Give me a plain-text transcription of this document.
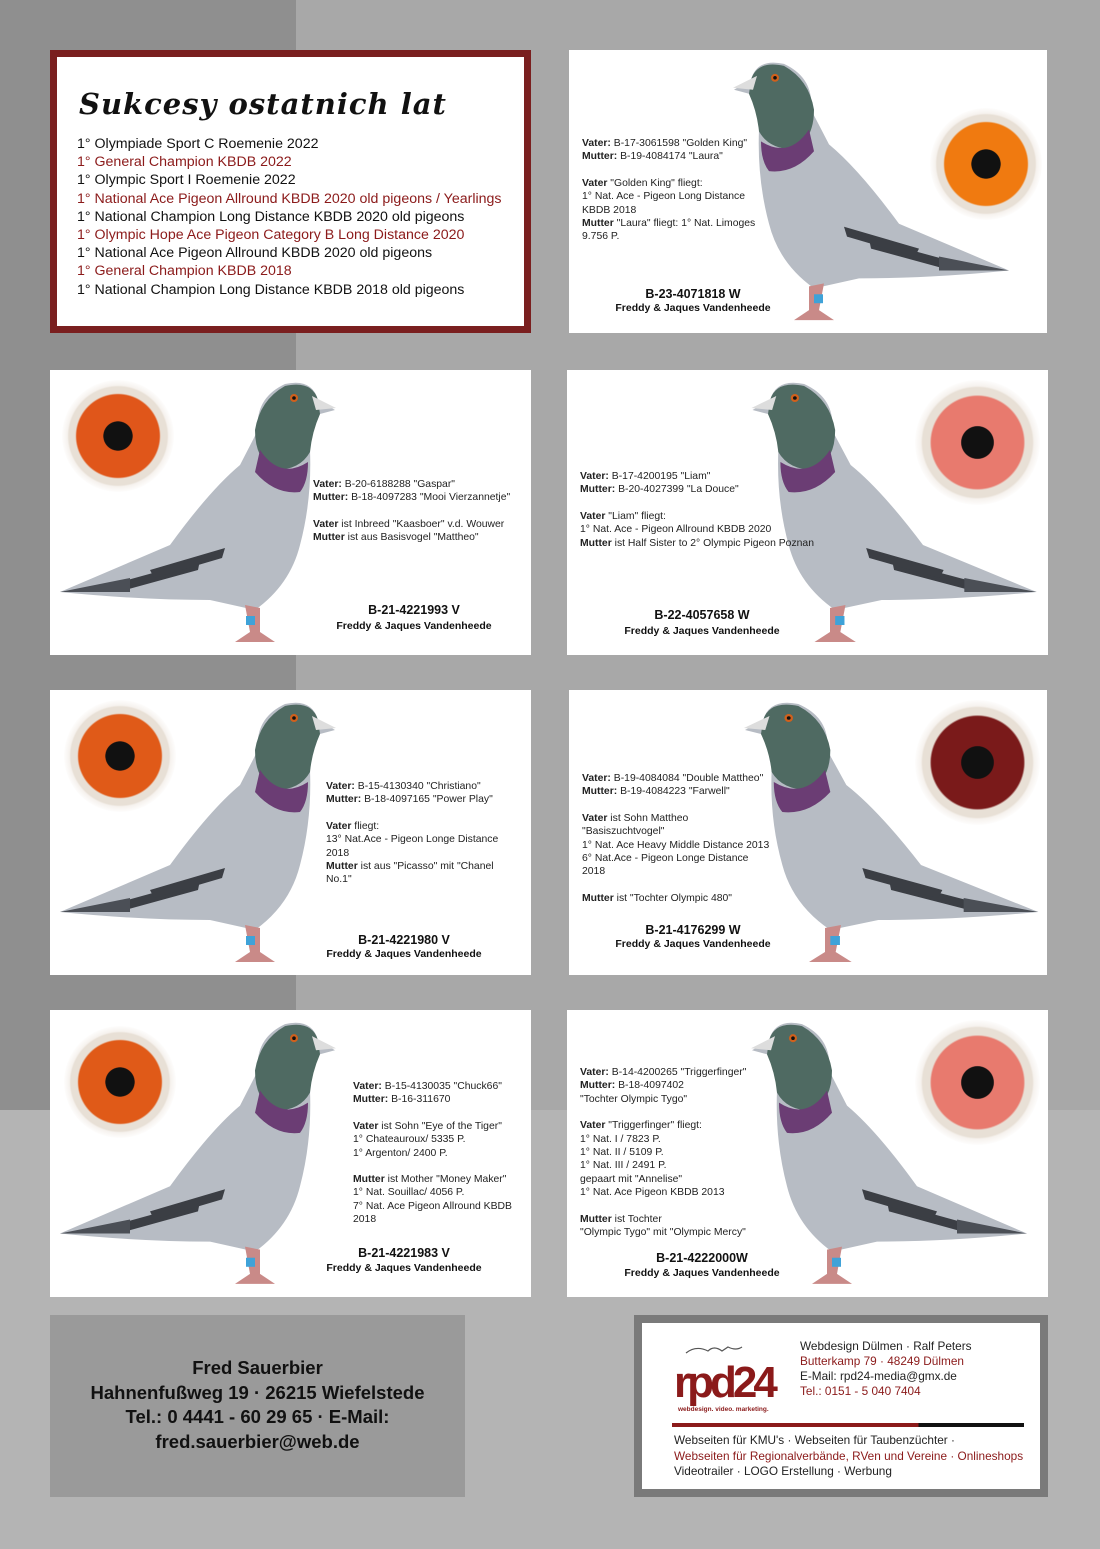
Sukcesy ostatnich lat
1° Olympiade Sport C Roemenie 2022
1° General Champion KBDB 2022
1° Olympic Sport I Roemenie 2022
1° National Ace Pigeon Allround KBDB 2020 old pigeons / Yearlings
1° National Champion Long Distance KBDB 2020 old pigeons
1° Olympic Hope Ace Pigeon Category B Long Distance 2020
1° National Ace Pigeon Allround KBDB 2020 old pigeons
1° General Champion KBDB 2018
1° National Champion Long Distance KBDB 2018 old pigeons

Vater: B-17-3061598 "Golden King"

Mutter: B-19-4084174 "Laura"

Vater "Golden King" fliegt:

1° Nat. Ace - Pigeon Long Distance

KBDB 2018

Mutter "Laura" fliegt: 1° Nat. Limoges

9.756 P.

B-23-4071818 W
Freddy & Jaques Vandenheede

Vater: B-20-6188288 "Gaspar"

Mutter: B-18-4097283 "Mooi Vierzannetje"

Vater ist Inbreed "Kaasboer" v.d. Wouwer

Mutter ist aus Basisvogel "Mattheo"

B-21-4221993 V
Freddy & Jaques Vandenheede

Vater: B-17-4200195 "Liam"

Mutter: B-20-4027399 "La Douce"

Vater "Liam" fliegt:

1° Nat. Ace - Pigeon Allround KBDB 2020

Mutter ist Half Sister to 2° Olympic Pigeon Poznan

B-22-4057658 W
Freddy & Jaques Vandenheede

Vater: B-15-4130340 "Christiano"

Mutter: B-18-4097165 "Power Play"

Vater fliegt:

13° Nat.Ace - Pigeon Longe Distance

2018

Mutter ist aus "Picasso" mit "Chanel

No.1"

B-21-4221980 V
Freddy & Jaques Vandenheede

Vater: B-19-4084084 "Double Mattheo"

Mutter: B-19-4084223 "Farwell"

Vater ist Sohn Mattheo

"Basiszuchtvogel"

1° Nat. Ace Heavy Middle Distance 2013

6° Nat.Ace - Pigeon Longe Distance

2018

Mutter ist "Tochter Olympic 480"

B-21-4176299 W
Freddy & Jaques Vandenheede

Vater: B-15-4130035 "Chuck66"

Mutter: B-16-311670

Vater ist Sohn "Eye of the Tiger"

1° Chateauroux/ 5335 P.

1° Argenton/ 2400 P.

Mutter ist Mother "Money Maker"

1° Nat. Souillac/ 4056 P.

7° Nat. Ace Pigeon Allround KBDB

2018

B-21-4221983 V
Freddy & Jaques Vandenheede

Vater: B-14-4200265 "Triggerfinger"

Mutter: B-18-4097402

"Tochter Olympic Tygo"

Vater "Triggerfinger" fliegt:

1° Nat. I / 7823 P.

1° Nat. II / 5109 P.

1° Nat. III / 2491 P.

gepaart mit "Annelise"

1° Nat. Ace Pigeon KBDB 2013

Mutter ist Tochter

"Olympic Tygo" mit "Olympic Mercy"

B-21-4222000W
Freddy & Jaques Vandenheede
Fred Sauerbier
Hahnenfußweg 19 · 26215 Wiefelstede
Tel.: 0 4441 - 60 29 65 · E-Mail:
fred.sauerbier@web.de
rpd24
webdesign. video. marketing.
Webdesign Dülmen · Ralf Peters
Butterkamp 79 · 48249 Dülmen
E-Mail: rpd24-media@gmx.de
Tel.: 0151 - 5 040 7404
Webseiten für KMU's · Webseiten für Taubenzüchter ·
Webseiten für Regionalverbände, RVen und Vereine · Onlineshops
Videotrailer · LOGO Erstellung · Werbung
